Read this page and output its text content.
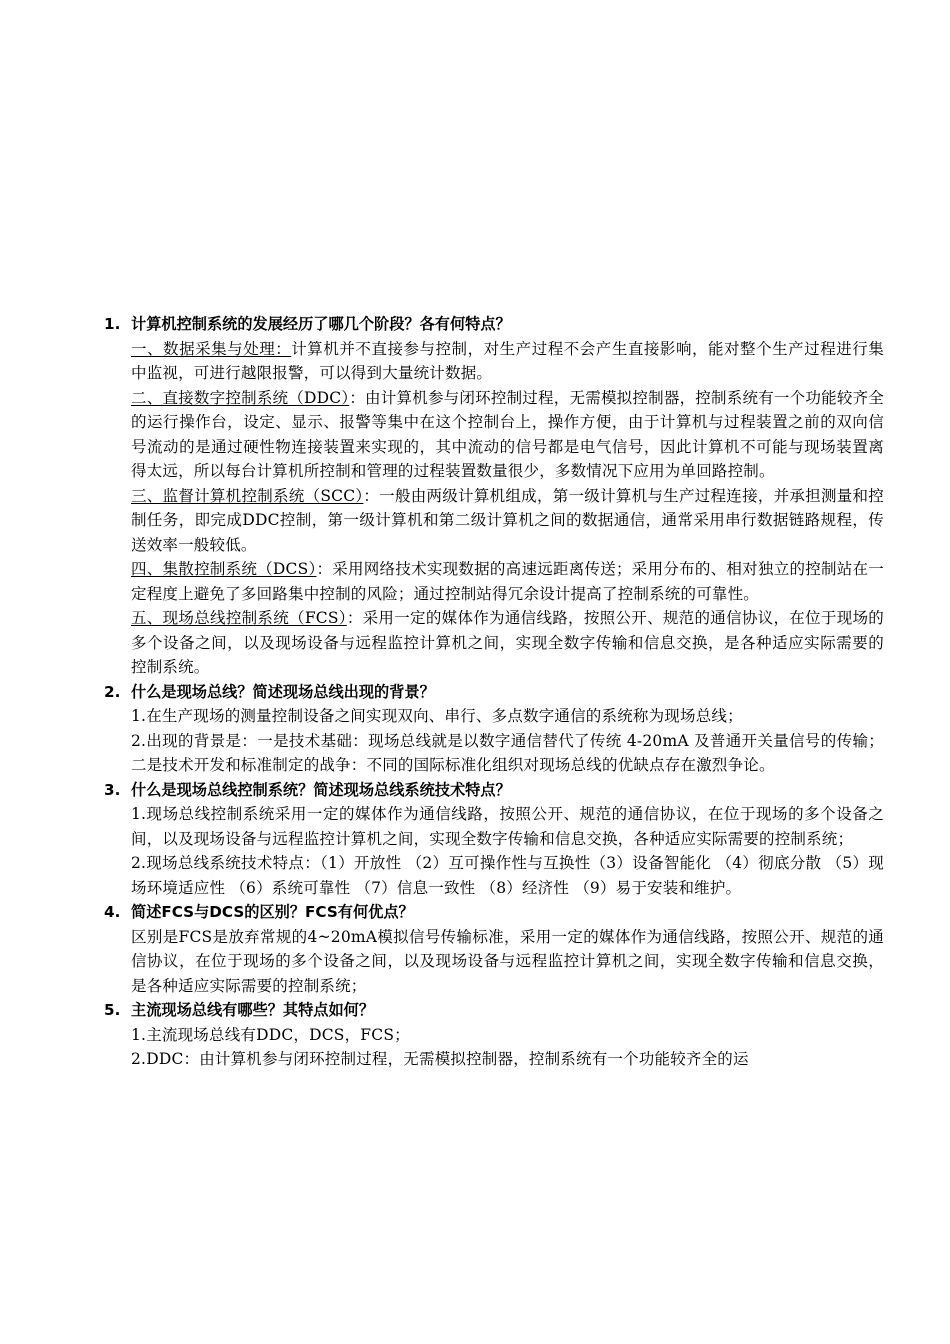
1. 计算机控制系统的发展经历了哪几个阶段？各有何特点？
一、数据采集与处理：计算机并不直接参与控制，对生产过程不会产生直接影响，能对整个生产过程进行集中监视，可进行越限报警，可以得到大量统计数据。
二、直接数字控制系统（DDC）：由计算机参与闭环控制过程，无需模拟控制器，控制系统有一个功能较齐全的运行操作台，设定、显示、报警等集中在这个控制台上，操作方便，由于计算机与过程装置之前的双向信号流动的是通过硬性物连接装置来实现的，其中流动的信号都是电气信号，因此计算机不可能与现场装置离得太远，所以每台计算机所控制和管理的过程装置数量很少，多数情况下应用为单回路控制。
三、监督计算机控制系统（SCC）：一般由两级计算机组成，第一级计算机与生产过程连接，并承担测量和控制任务，即完成DDC控制，第一级计算机和第二级计算机之间的数据通信，通常采用串行数据链路规程，传送效率一般较低。
四、集散控制系统（DCS）：采用网络技术实现数据的高速远距离传送；采用分布的、相对独立的控制站在一定程度上避免了多回路集中控制的风险；通过控制站得冗余设计提高了控制系统的可靠性。
五、现场总线控制系统（FCS）：采用一定的媒体作为通信线路，按照公开、规范的通信协议，在位于现场的多个设备之间，以及现场设备与远程监控计算机之间，实现全数字传输和信息交换，是各种适应实际需要的控制系统。
2. 什么是现场总线？简述现场总线出现的背景？
1.在生产现场的测量控制设备之间实现双向、串行、多点数字通信的系统称为现场总线；
2.出现的背景是：一是技术基础：现场总线就是以数字通信替代了传统 4-20mA 及普通开关量信号的传输； 二是技术开发和标准制定的战争：不同的国际标准化组织对现场总线的优缺点存在激烈争论。
3. 什么是现场总线控制系统？简述现场总线系统技术特点？
1.现场总线控制系统采用一定的媒体作为通信线路，按照公开、规范的通信协议，在位于现场的多个设备之间，以及现场设备与远程监控计算机之间，实现全数字传输和信息交换，各种适应实际需要的控制系统；
2.现场总线系统技术特点：（1）开放性 （2）互可操作性与互换性（3）设备智能化 （4）彻底分散 （5）现场环境适应性 （6）系统可靠性 （7）信息一致性 （8）经济性 （9）易于安装和维护。
4. 简述FCS与DCS的区别？FCS有何优点？
区别是FCS是放弃常规的4~20mA模拟信号传输标准，采用一定的媒体作为通信线路，按照公开、规范的通信协议，在位于现场的多个设备之间，以及现场设备与远程监控计算机之间，实现全数字传输和信息交换，是各种适应实际需要的控制系统；
5. 主流现场总线有哪些？其特点如何？
1.主流现场总线有DDC，DCS，FCS；
2.DDC：由计算机参与闭环控制过程，无需模拟控制器，控制系统有一个功能较齐全的运
